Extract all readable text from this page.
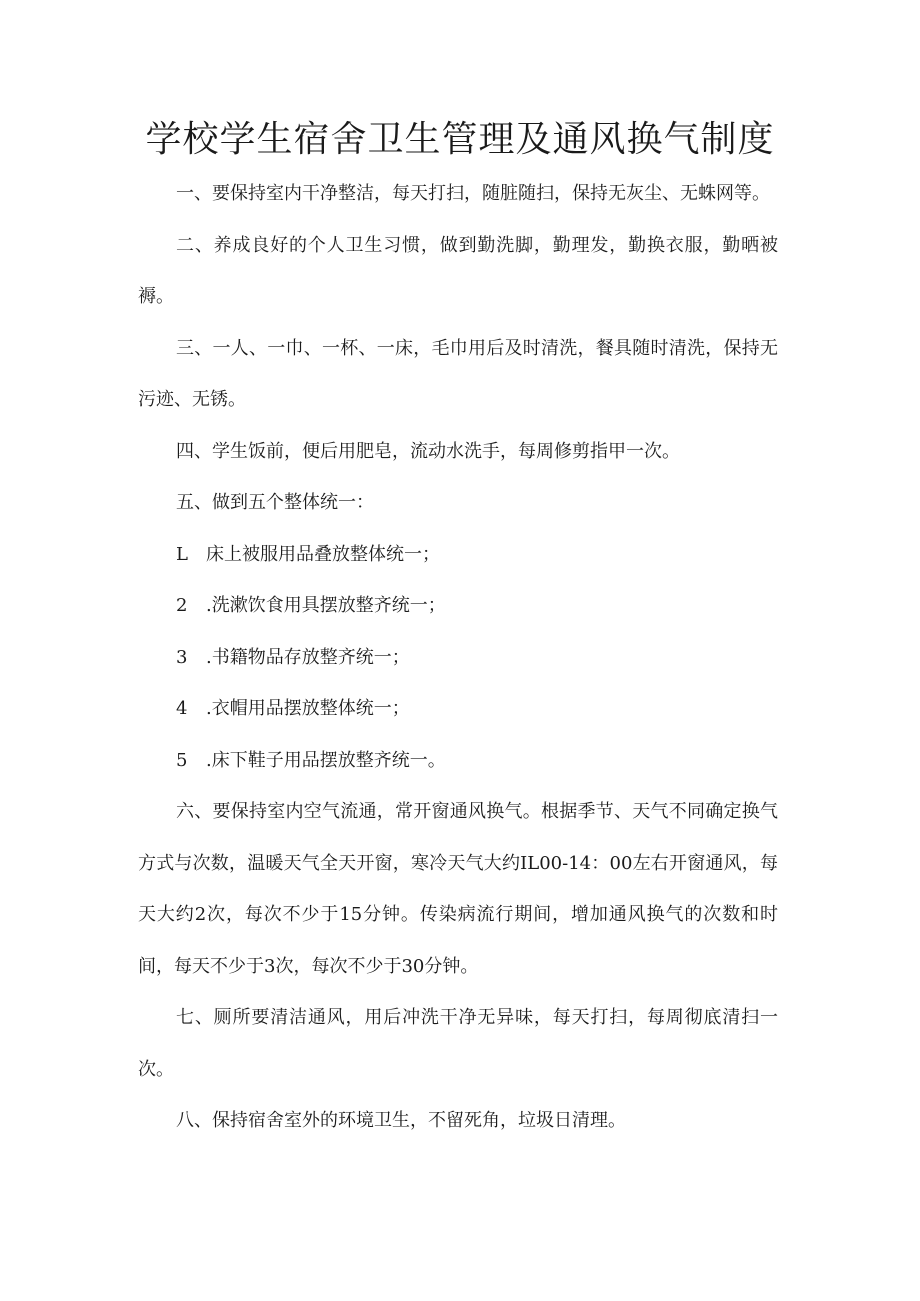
学校学生宿舍卫生管理及通风换气制度

一、要保持室内干净整洁，每天打扫，随脏随扫，保持无灰尘、无蛛网等。

二、养成良好的个人卫生习惯，做到勤洗脚，勤理发，勤换衣服，勤晒被褥。

三、一人、一巾、一杯、一床，毛巾用后及时清洗，餐具随时清洗，保持无污迹、无锈。

四、学生饭前，便后用肥皂，流动水洗手，每周修剪指甲一次。

五、做到五个整体统一：

L 床上被服用品叠放整体统一；

2 .洗漱饮食用具摆放整齐统一；

3 .书籍物品存放整齐统一；

4 .衣帽用品摆放整体统一；

5 .床下鞋子用品摆放整齐统一。

六、要保持室内空气流通，常开窗通风换气。根据季节、天气不同确定换气方式与次数，温暖天气全天开窗，寒冷天气大约IL00-14：00左右开窗通风，每天大约2次，每次不少于15分钟。传染病流行期间，增加通风换气的次数和时间，每天不少于3次，每次不少于30分钟。

七、厕所要清洁通风，用后冲洗干净无异味，每天打扫，每周彻底清扫一次。

八、保持宿舍室外的环境卫生，不留死角，垃圾日清理。
